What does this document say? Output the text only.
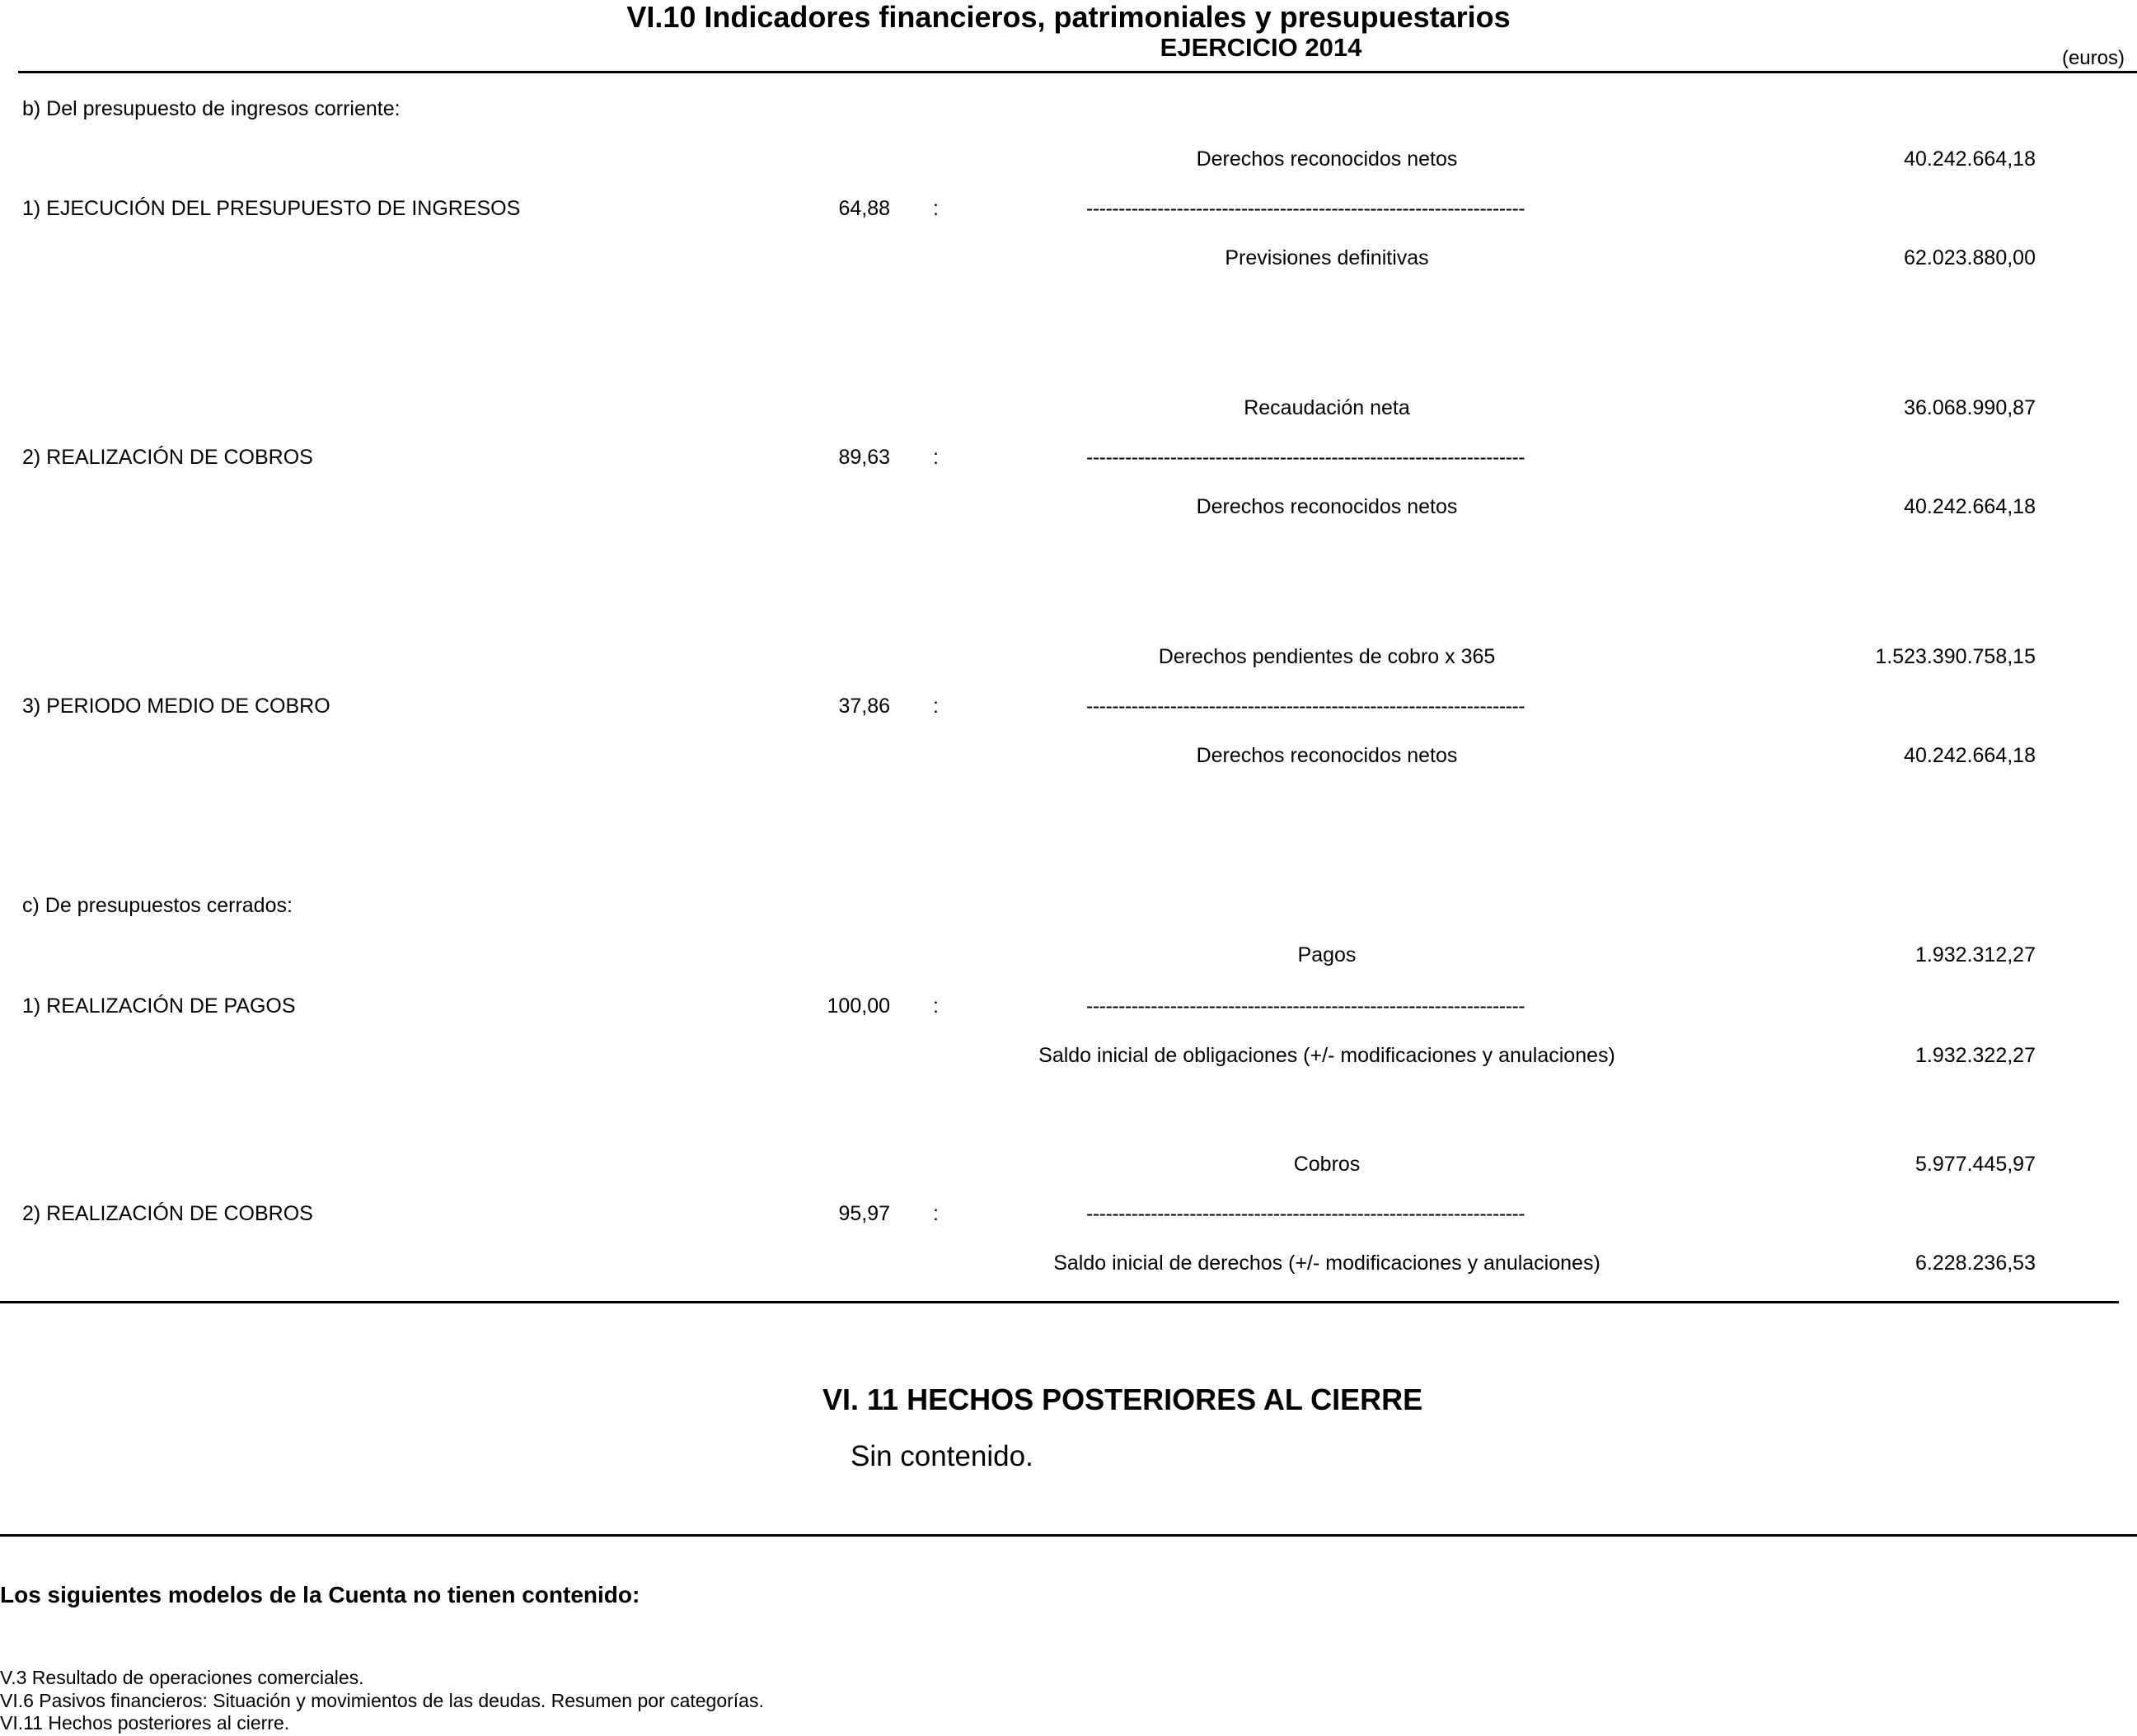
VI.10 Indicadores financieros, patrimoniales y presupuestarios
EJERCICIO 2014	(euros)
b) Del presupuesto de ingresos corriente:
Derechos reconocidos netos	40.242.664,18
1) EJECUCIÓN DEL PRESUPUESTO DE INGRESOS	64,88 :	--------------------------------------------------------------------
Previsiones definitivas	62.023.880,00
Recaudación neta	36.068.990,87
2) REALIZACIÓN DE COBROS	89,63 :	--------------------------------------------------------------------
Derechos reconocidos netos	40.242.664,18
Derechos pendientes de cobro x 365	1.523.390.758,15
3) PERIODO MEDIO DE COBRO	37,86 :	--------------------------------------------------------------------
Derechos reconocidos netos	40.242.664,18
c) De presupuestos cerrados:
Pagos	1.932.312,27
1) REALIZACIÓN DE PAGOS	100,00 :	--------------------------------------------------------------------
Saldo inicial de obligaciones (+/- modificaciones y anulaciones)	1.932.322,27
Cobros	5.977.445,97
2) REALIZACIÓN DE COBROS	95,97 :	--------------------------------------------------------------------
Saldo inicial de derechos (+/- modificaciones y anulaciones)	6.228.236,53
VI. 11 HECHOS POSTERIORES AL CIERRE
Sin contenido.
Los siguientes modelos de la Cuenta no tienen contenido:
V.3 Resultado de operaciones comerciales.
VI.6 Pasivos financieros: Situación y movimientos de las deudas. Resumen por categorías.
VI.11 Hechos posteriores al cierre.
